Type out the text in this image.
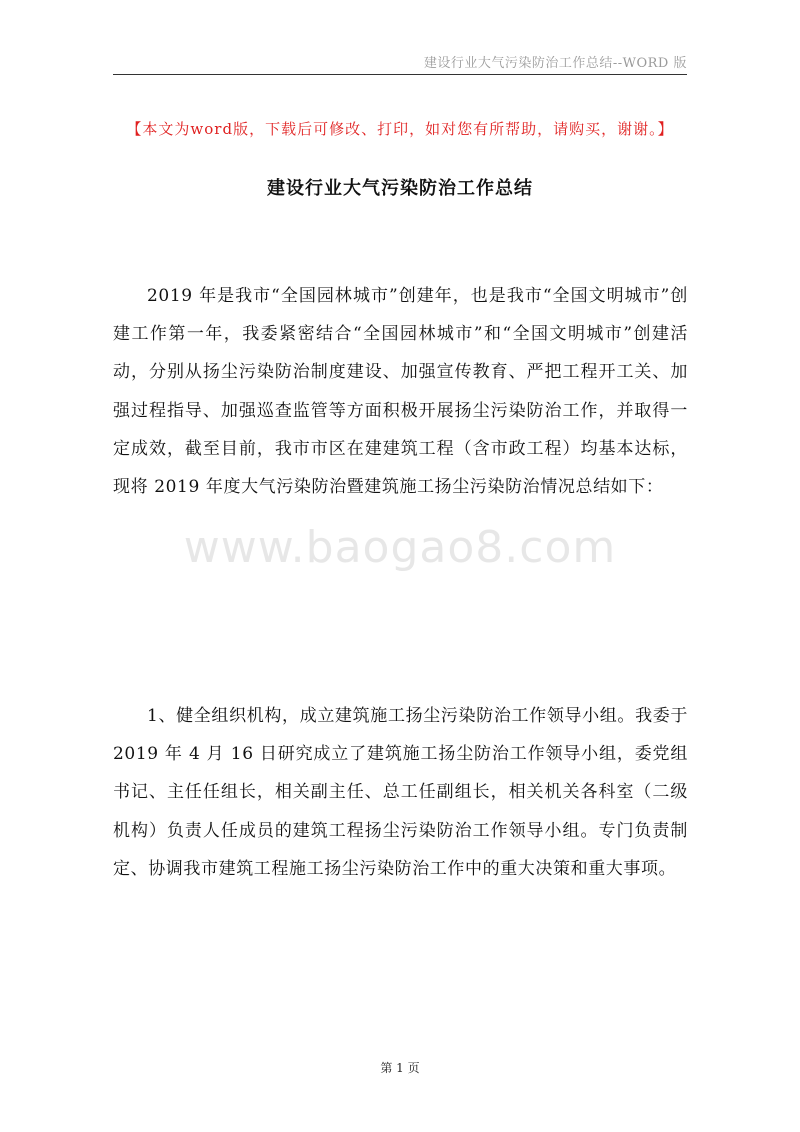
建设行业大气污染防治工作总结--WORD 版
【本文为word版，下载后可修改、打印，如对您有所帮助，请购买，谢谢。】
建设行业大气污染防治工作总结

2019 年是我市“全国园林城市”创建年，也是我市“全国文明城市”创建工作第一年，我委紧密结合“全国园林城市”和“全国文明城市”创建活动，分别从扬尘污染防治制度建设、加强宣传教育、严把工程开工关、加强过程指导、加强巡查监管等方面积极开展扬尘污染防治工作，并取得一定成效，截至目前，我市市区在建建筑工程（含市政工程）均基本达标，现将 2019 年度大气污染防治暨建筑施工扬尘污染防治情况总结如下：

www.baogao8.com

1、健全组织机构，成立建筑施工扬尘污染防治工作领导小组。我委于 2019 年 4 月 16 日研究成立了建筑施工扬尘防治工作领导小组，委党组书记、主任任组长，相关副主任、总工任副组长，相关机关各科室（二级机构）负责人任成员的建筑工程扬尘污染防治工作领导小组。专门负责制定、协调我市建筑工程施工扬尘污染防治工作中的重大决策和重大事项。

第 1 页
